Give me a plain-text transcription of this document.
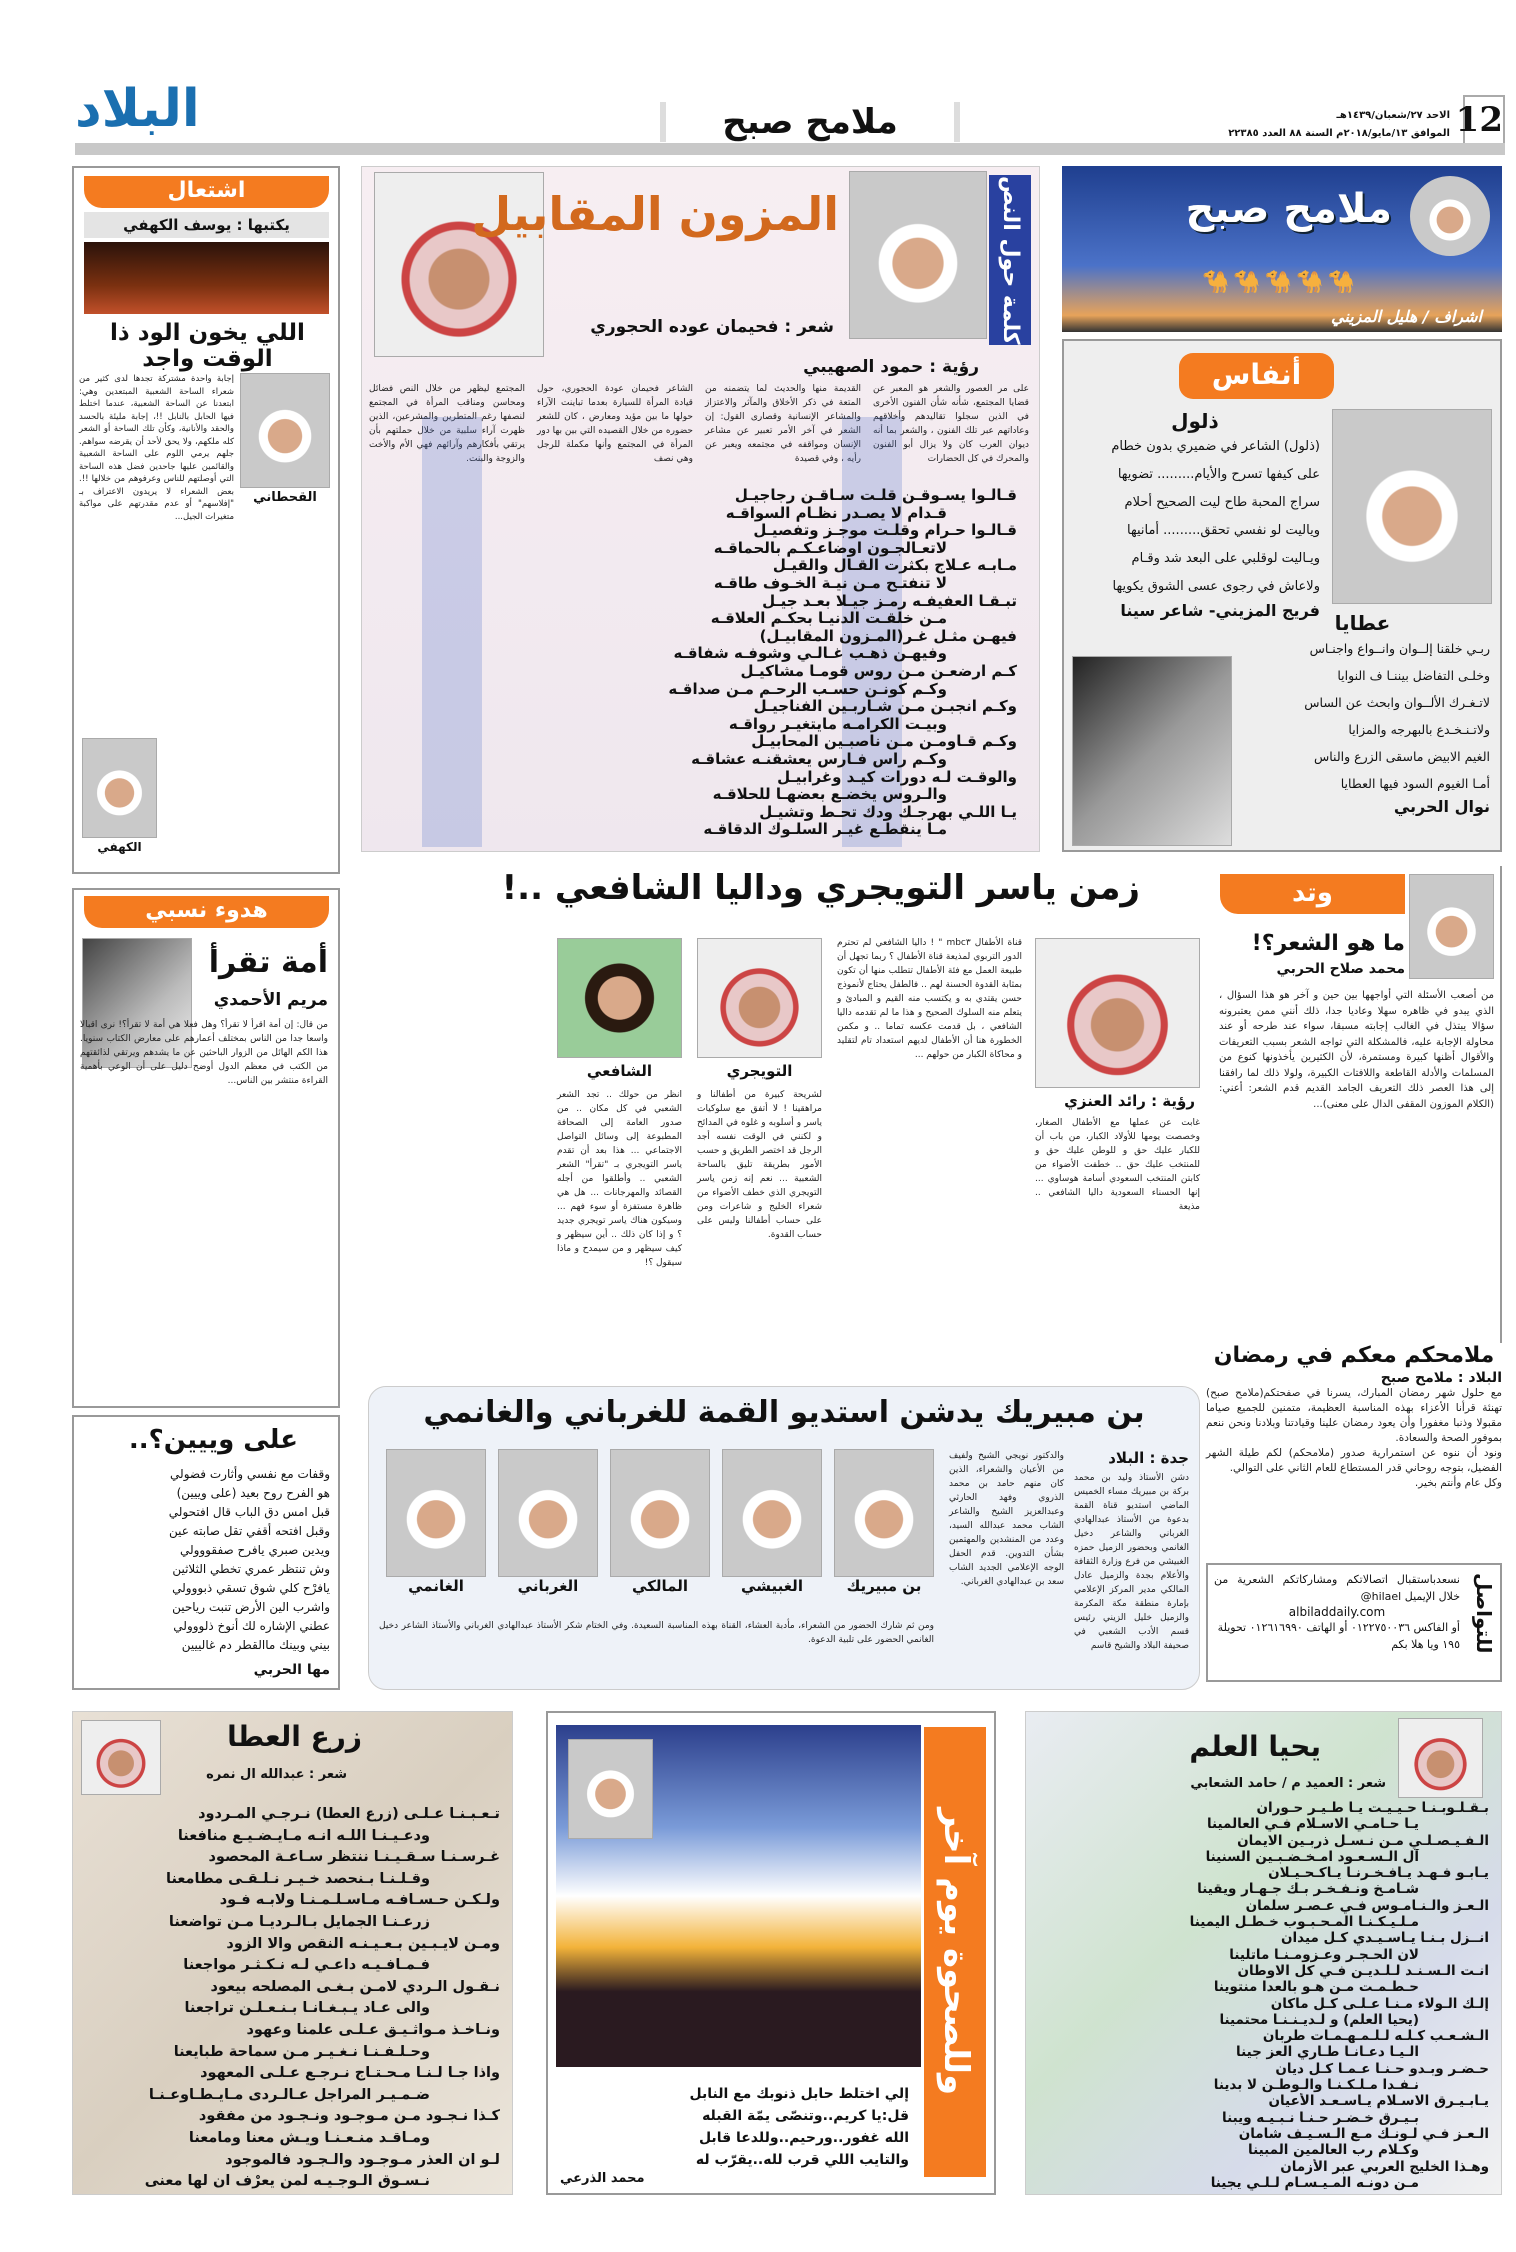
12
الاحد ٢٧/شعبان/١٤٣٩هـ
الموافق ١٣/مايو/٢٠١٨م السنة ٨٨ العدد ٢٢٣٨٥
ملامح صبح
البلاد
ملامح صبح
🐪🐪🐪🐪🐪
اشراف / هليل المزيني
أنفاس
ذلول
(ذلول) الشاعر في ضميري بدون خطام
على كيفها تسرح والأيام......... تضويها
سراج المحبة طاح ليت الصحيح أحلام
وياليت لو نفسي تحقق......... أمانيها
ويـاليت لوقلبي على البعد شد وقـام
ولاعاش في رجوى عسى الشوق يكويها
فريج المزيني- شاعر سينا
عطايا
ربـي خلقنا إلــوان وانــواع واجنـاس
وخلـى التفاضل بيننـا ف النوايا
لاتـغـرك الألــوان وابحث عن الساس
ولاتـنـخـدع بالبهرجه والمزايا
الغيم الابيض ماسقى الزرع والناس
أمـا الغيوم السود فيها العطايا
نوال الحربي
كلمة حول النص
المزون المقابيل
شعر : فحيمان عوده الحجوري
رؤية : حمود الصهيبي

على مر العصور والشعر هو المعبر عن قضايا المجتمع، شأنه شأن الفنون الأخرى في الذين سجلوا تقاليدهم وأخلاقهم وعاداتهم عبر تلك الفنون ، والشعر بما أنه ديوان العرب كان ولا يزال أبو الفنون والمحرك في كل الحضارات

القديمة منها والحديث لما يتضمنه من المتعة في ذكر الأخلاق والمآثر والاعتزاز والمشاعر الإنسانية وقصارى القول: إن الشعر في آخر الأمر تعبير عن مشاعر الإنسان ومواقفه في مجتمعه ويعبر عن رأيه ، وفي قصيدة

الشاعر فحيمان عودة الحجوري، حول قيادة المرأة للسيارة بعدما تباينت الآراء حولها ما بين مؤيد ومعارض ، كان للشعر حضوره من خلال القصيده التي بين بها دور المرأة في المجتمع وأنها مكملة للرجل وهي نصف

المجتمع ليظهر من خلال النص فضائل ومحاسن ومناقب المرأة في المجتمع لنصفها رغم المتطرين والمشرعين، الذين ظهرت آراء سلبية من خلال حملتهم بأن يرتقي بأفكارهم وآرائهم فهي الأم والأخت والزوجة والبنت.

قـالـوا يسـوقـن قلـت سـاقـن رجاجيـل
قـدام لا يصـدر نظـام السواقـه
قـالـوا حـرام وقلـت موجـز وتفصيـل
لاتعـالجـون اوضاعـكـم بالحماقـه
مـابـه عـلاج بكثرت القـال والقيـل
لا تنفتـح مـن نيـة الخـوف طاقـه
تبـقـا العفيفـه رمـز جيـلا بعـد جيـل
مـن خلقـت الدنيـا بحكـم العلاقـه
فيهـن مثـل غـر(المـزون المقابيـل)
وفيهـن ذهـب غـالـي وشوفـه شفاقـه
كـم ارضعـن مـن روس قومـا مشاكيـل
وكـم كونـن حسـب الرحـم مـن صداقـه
وكـم انجبـن مـن شـاربـين الفناجيـل
وبيـت الكرامـه مايتغيـر رواقـه
وكـم قـاومـن مـن ناصبـين المحابيـل
وكـم راس فـارس يعشقنـه عشاقـه
والوقـت لـه دورات كيـد وغرابيـل
والـروس يخضـع بعضهـا للحلاقـه
يـا اللـي بهرجـك ودك تحـط وتشيـل
مـا ينقطـع غيـر السلـوك الدقاقـه
اشتعال
يكتبها : يوسف الكهفي
اللي يخون الود ذا الوقت واجد
القحطاني
الكهفي

إجابة واحدة مشتركة تجدها لدى كثير من شعراء الساحة الشعبية المبتعدين وهي: ابتعدنا عن الساحة الشعبية، عندما اختلط فيها الحابل بالنابل !!، إجابة مليئة بالحسد والحقد والأنانية، وكأن تلك الساحة أو الشعر كله ملكهم، ولا يحق لأحد أن يقرضه سواهم. جلهم يرمي اللوم على الساحة الشعبية والقائمين عليها جاحدين فضل هذه الساحة التي أوصلتهم للناس وعرفوهم من خلالها !!. بعض الشعراء لا يريدون الاعتراف بـ "إفلاسهم" أو عدم مقدرتهم على مواكبة متغيرات الجيل...

هدوء نسبي
أمة تقرأ
مريم الأحمدي

من قال: إن أمة اقرأ لا تقرأ؟ وهل فعلا هي أمة لا تقرأ؟! نرى اقبالا واسعا جدا من الناس بمختلف أعمارهم على معارض الكتاب سنويا. هذا الكم الهائل من الزوار الباحثين عن ما يشدهم ويرتقي لذائقتهم من الكتب في معظم الدول أوضح دليل على أن الوعي بأهمية القراءة منتشر بين الناس...

على وييين؟..
وقفات مع نفسي وأثارت فضولي
هو الفرح روح بعيد (على وييين)
قبل امس دق الباب قال افتحولي
وقبل افتحه أقفي تقل صابته عين
ويدين صبري يافرح صفقووولي
وش تنتظر عمري تخطي الثلاثين
يافرْح كلي شوق تسقي ذبووولي
واشرب الين الأرض تنبت رياحين
عطني الإشاره لك أنوخ ذلووولي
بيني وبينك ماالقطر دم غالييين
مها الحربي
زمن ياسر التويجري وداليا الشافعي ..!
رؤية : رائد العنزي

قناة الأطفال mbc٣ " ! داليا الشافعي لم تحترم الدور التربوي لمذيعة قناة الأطفال ؟ ربما تجهل أن طبيعة العمل مع فئة الأطفال تتطلب منها أن تكون بمثابة القدوة الحسنة لهم .. فالطفل يحتاج لأنموذج حسن يقتدي به و يكتسب منه القيم و المبادئ و يتعلم منه السلوك الصحيح و هذا ما لم تقدمه داليا الشافعي ، بل قدمت عكسه تماما .. و مكمن الخطورة هنا أن الأطفال لديهم استعداد تام لتقليد و محاكاة الكبار من حولهم ...

غابت عن عملها مع الأطفال الصغار، وخصصت يومها للأولاد الكبار، من باب أن للكبار عليك حق و للوطن عليك حق و للمنتخب عليك حق .. خطفت الأضواء من كابتن المنتخب السعودي أسامة هوساوي ... إنها الحسناء السعودية داليا الشافعي .. مذيعة

التويجري
الشافعي

لشريحة كبيرة من أطفالنا و مراهقينا ! لا أتفق مع سلوكيات ياسر و أسلوبه و غلوه في المدائح و لكنني في الوقت نفسه أجد الرجل قد اختصر الطريق و حسب الأمور بطريقة تليق بالساحة الشعبية ... نعم إنه زمن ياسر التويجري الذي خطف الأضواء من شعراء الخليج و شاعرات ومن على حساب أطفالنا وليس على حساب القدوة.

انظر من حولك .. تجد الشعر الشعبي في كل مكان .. من صدور العامة إلى الصحافة المطبوعة إلى وسائل التواصل الاجتماعي ... هذا بعد أن تقدم ياسر التويجري بـ "تقرأ" الشعر الشعبي .. وأطلقوا من أجله القصائد والمهرجانات ... هل هي ظاهرة مستفزة أو سوء فهم ... وسيكون هناك ياسر تويجري جديد ؟ و إذا كان ذلك .. أين سيظهر و كيف سيظهر و من سيمدح و ماذا سيقول ؟!

وتد
ما هو الشعر؟!
محمد صلاح الحربي

من أصعب الأسئلة التي أواجهها بين حين و آخر هو هذا السؤال ، الذي يبدو في ظاهره سهلا وعاديا جدا، ذلك أنني ممن يعتبرونه سؤالا يبتذل في الغالب إجابته مسبقا، سواء عند طرحه أو عند محاولة الإجابة عليه، فالمشكلة التي تواجه الشعر بسبب التعريفات والأقوال أظنها كبيرة ومستمرة، لأن الكثيرين يأخذونها كنوع من المسلمات والأدلة القاطعة واللافتات الكبيرة، ولولا ذلك لما رافقنا إلى هذا العصر ذلك التعريف الجامد القديم قدم الشعر: أعني: (الكلام الموزون المقفى الدال على معنى)...

ملامحكم معكم في رمضان
البلاد : ملامح صبح

مع حلول شهر رمضان المبارك، يسرنا في صفحتكم(ملامح صبح) تهنئة قرأنا الأعزاء بهذه المناسبة العظيمة، متمنين للجميع صياما مقبولا وذنبا مغفورا وأن يعود رمضان علينا وقيادتنا وبلادنا ونحن ننعم بموفور الصحة والسعادة.

ونود أن ننوه عن استمرارية صدور (ملامحكم) لكم طيلة الشهر الفضيل، بتوجه روحاني قدر المستطاع للعام الثاني على التوالي.

وكل عام وأنتم بخير.

للتواصل
نسعدباستقبال اتصالاتكم ومشاركاتكم الشعرية من خلال الإيميل hilael@
albiladdaily.com
أو الفاكس ٠١٢٢٧٥٠٠٣٦ أو الهاتف ٠١٢٦١٦٩٩٠ تحويلة ١٩٥ ويا هلا بكم
بن مبيريك يدشن استديو القمة للغرباني والغانمي
جدة : البلاد

دشن الأستاذ وليد بن محمد بركة بن مبيريك مساء الخميس الماضي استديو قناة القمة بدعوة من الأستاذ عبدالهادي الغرباني والشاعر دخيل الغانمي وبحضور الزميل حمزه الغبيشي من فرع وزارة الثقافة والأعلام بجدة والزميل عادل المالكي مدير المركز الإعلامي بإمارة منطقة مكة المكرمة والزميل خليل الزيني رئيس قسم الأدب الشعبي في صحيفة البلاد والشيخ قاسم

والدكتور نويجي الشيخ ولفيف من الأعيان والشعراء، الذين كان منهم حامد بن محمد الذروي وفهد الحارثي وعبدالعزيز الشيخ والشاعر الشاب محمد عبدالله السيد، وعدد من المنشدين والمهتمين بشأن التدوين. قدم الحفل الوجه الإعلامي الجديد الشاب سعد بن عبدالهادي الغرباني.

بن مبيريك
الغبيشي
المالكي
الغرباني
الغانمي

ومن ثم شارك الحضور من الشعراء، مأدبة العشاء، القناة بهذه المناسبة السعيدة. وفي الختام شكر الأستاذ عبدالهادي الغرباني والأستاذ الشاعر دخيل الغانمي الحضور على تلبية الدعوة.

زرع العطا
شعر : عبدالله ال نمره
تـعـبـنـا عـلـى (زرع العطا) نـرجـي المـردود
ودعـيـنـا اللـه انـه مـايـضـيـع منافعنا
غـرسـنـا سـقـيـنـا ننتظر سـاعـة المحصود
وقـلـنـا بـنحصد خـيـر نـلـقـى مطامعنا
ولـكـن حـسـافـه مـاسـلـمـنـا ولابـه فـود
زرعـنـا الجمايل بـالـرديـا مـن تواضعنا
ومـن لايـبـين بـعـيـنـه النقص والا الزود
فـمـافـيـه داعـي لـه نـكـثـر مواجعنا
نـقـول الـردي لامـن بـغـى المصلحه بيعود
والى عـاد يـبـغـانـا بـنـعـلـن تراجعنا
ونـاخـذ مـواثـيـق عـلـى علمنا وعهود
وحـلـفـنـا نـغـيـر مـن سماحة طبايعنا
واذا جـا لـنـا مـحـتـاج نـرجـع عـلـى المعهود
ضـمـيـر المراجل عـالـردى مـايـطـاوعـنـا
كـذا نـجـود مـن مـوجـود ونـجـود من مفقود
ومـاقـد منـعـنـا ويـش معنا ومامعنا
لـو ان العذر مـوجـود والـجـود فالموجود
نـسـوق الـوجـيـه لمن يعرْف ان لها معنى
وللصحوة يوم آخر
إلي اختلط حابل ذنوبك مع النابل
قل:يا كريم..وتنصّى يمّة القبله
الله غفور..ورحيم..وللدعا قابل
والتايب اللي قرب لله..يقرّب له
محمد الذرعي
يحيا العلم
شعر : العميد م / حامد الشعابي
بـقـلـوبـنـا حـيـيـت يـا طـيـر حـوران
يـا حـامـي الاسـلام فـي العالمينا
الـفـيـصـلـي مـن نـسـل ذربـين الايمان
آل الـسـعـود امـخـضـبـين السنينا
يـابـو فـهـد يـافـخـرنـا يـاكـحـيـلان
شـامـخ ونـفـخـر بـك جـهـار ويقينا
الـعـز والـنـامـوس فـي عـصـر سلمان
مـلـيـكـنـا المـحـبـوب خـطـل اليمينا
انــزل بـنـا يـاسـيـدي كـل ميدان
لان الحـجـر وعـزومـنـا ماتلينا
انـت الـسـنـد لـلـديـن فـي كل الاوطان
حـطـمـت مـن هـو بالعدا منتوينا
إلـك الـولاء مـنـا عـلـى كـل ماكان
(يحيا العلم) و لـديـنـنـا محتمينا
الـشـعـب كـلـه لـلـمـهـمـات طربان
الـيـا دعـانـا طـاري العز جينا
حـضـر وبـدو حـنـا عـمـا كـل ديان
نـفـدا مـلـكـنـا والـوطـن لا بدينا
يـابـيـرق الاسـلام يـاسـعـد الأعيان
بـيـرق خـضـر حـنـا نـبـيـه ويبنا
الـعـز فـي لـونـك مـع الـسـيـف شامان
وكـلام رب العالمين المبينا
وهـذا الخليج العربي عبر الأزمان
مـن دونـه المـيـسـام لـلـي يجينا
